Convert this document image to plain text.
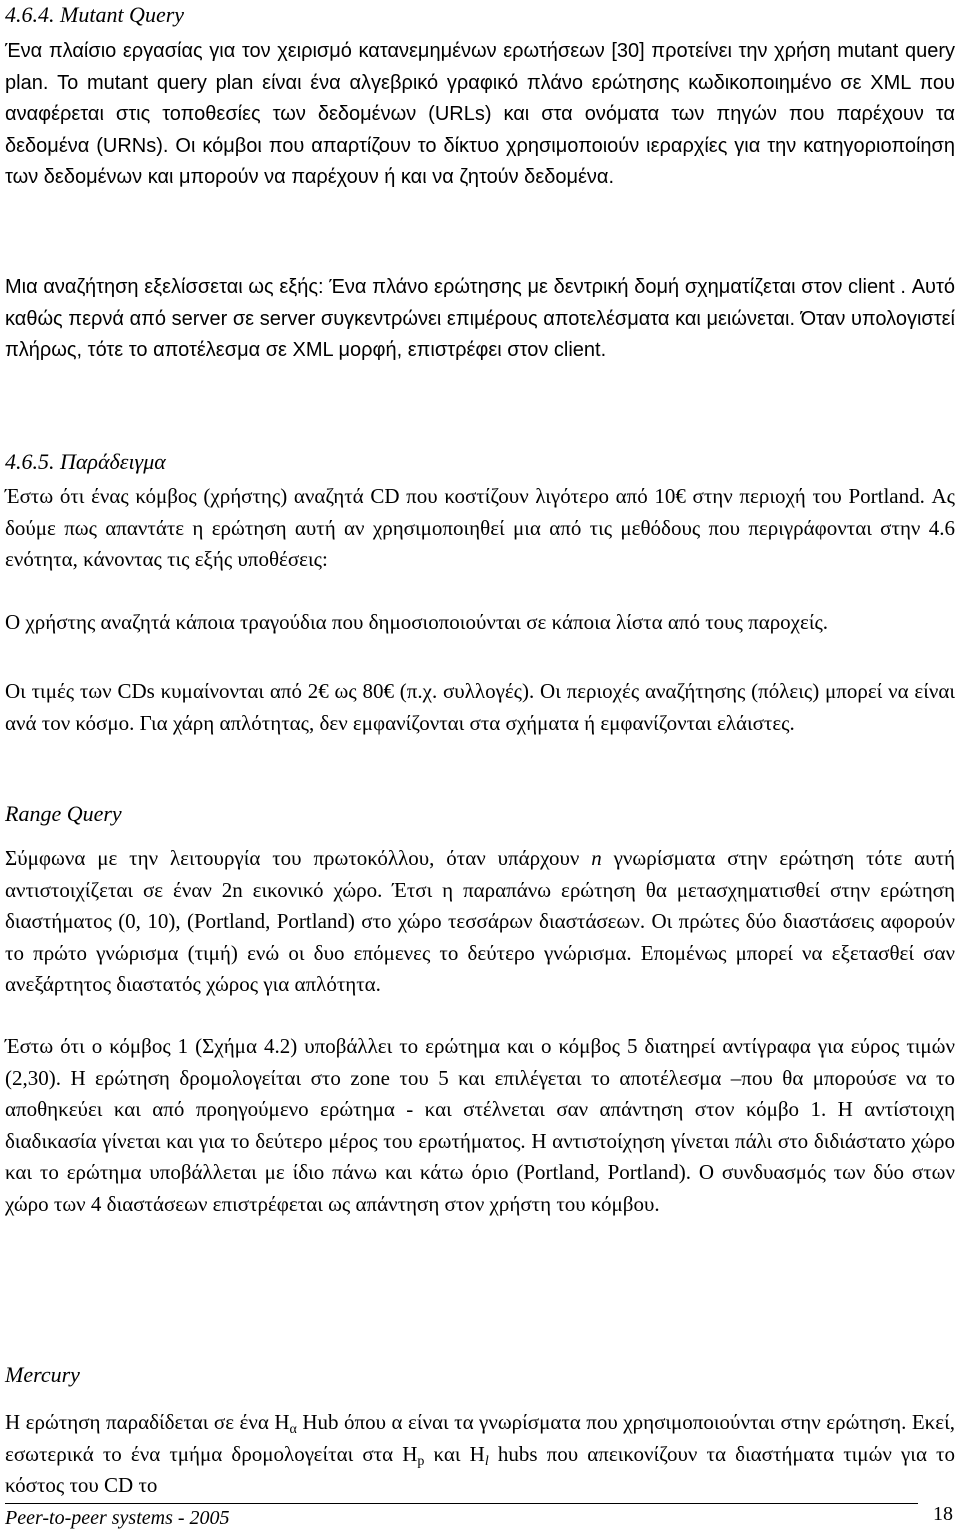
4.6.4. Mutant Query

Ένα πλαίσιο εργασίας για τον χειρισμό κατανεμημένων ερωτήσεων [30] προτείνει την χρήση mutant query plan. Το mutant query plan είναι ένα αλγεβρικό γραφικό πλάνο ερώτησης κωδικοποιημένο σε XML που αναφέρεται στις τοποθεσίες των δεδομένων (URLs) και στα ονόματα των πηγών που παρέχουν τα δεδομένα (URNs). Οι κόμβοι που απαρτίζουν το δίκτυο χρησιμοποιούν ιεραρχίες για την κατηγοριοποίηση των δεδομένων και μπορούν να παρέχουν ή και να ζητούν δεδομένα.

Μια αναζήτηση εξελίσσεται ως εξής: Ένα πλάνο ερώτησης με δεντρική δομή σχηματίζεται στον client . Αυτό καθώς περνά από server σε server συγκεντρώνει επιμέρους αποτελέσματα και μειώνεται. Όταν υπολογιστεί πλήρως, τότε το αποτέλεσμα σε XML μορφή, επιστρέφει στον client.

4.6.5. Παράδειγμα

Έστω ότι ένας κόμβος (χρήστης) αναζητά CD που κοστίζουν λιγότερο από 10€ στην περιοχή του Portland. Ας δούμε πως απαντάτε η ερώτηση αυτή αν χρησιμοποιηθεί μια από τις μεθόδους που περιγράφονται στην 4.6 ενότητα, κάνοντας τις εξής υποθέσεις:

Ο χρήστης αναζητά κάποια τραγούδια που δημοσιοποιούνται σε κάποια λίστα από τους παροχείς.

Οι τιμές των CDs κυμαίνονται από 2€ ως 80€ (π.χ. συλλογές). Οι περιοχές αναζήτησης (πόλεις) μπορεί να είναι ανά τον κόσμο. Για χάρη απλότητας, δεν εμφανίζονται στα σχήματα ή εμφανίζονται ελάιστες.

Range Query

Σύμφωνα με την λειτουργία του πρωτοκόλλου, όταν υπάρχουν n γνωρίσματα στην ερώτηση τότε αυτή αντιστοιχίζεται σε έναν 2n εικονικό χώρο. Έτσι η παραπάνω ερώτηση θα μετασχηματισθεί στην ερώτηση διαστήματος (0, 10), (Portland, Portland) στο χώρο τεσσάρων διαστάσεων. Οι πρώτες δύο διαστάσεις αφορούν το πρώτο γνώρισμα (τιμή) ενώ οι δυο επόμενες το δεύτερο γνώρισμα. Επομένως μπορεί να εξετασθεί σαν ανεξάρτητος διαστατός χώρος για απλότητα.

Έστω ότι ο κόμβος 1 (Σχήμα 4.2) υποβάλλει το ερώτημα και ο κόμβος 5 διατηρεί αντίγραφα για εύρος τιμών (2,30). Η ερώτηση δρομολογείται στο zone του 5 και επιλέγεται το αποτέλεσμα –που θα μπορούσε να το αποθηκεύει και από προηγούμενο ερώτημα - και στέλνεται σαν απάντηση στον κόμβο 1. Η αντίστοιχη διαδικασία γίνεται και για το δεύτερο μέρος του ερωτήματος. Η αντιστοίχηση γίνεται πάλι στο διδιάστατο χώρο και το ερώτημα υποβάλλεται με ίδιο πάνω και κάτω όριο (Portland, Portland). Ο συνδυασμός των δύο στων χώρο των 4 διαστάσεων επιστρέφεται ως απάντηση στον χρήστη του κόμβου.

Mercury

Η ερώτηση παραδίδεται σε ένα $H_\alpha$ Hub όπου α είναι τα γνωρίσματα που χρησιμοποιούνται στην ερώτηση. Εκεί, εσωτερικά το ένα τμήμα δρομολογείται στα $H_p$ και $H_l$ hubs που απεικονίζουν τα διαστήματα τιμών για το κόστος του CD το

Peer-to-peer systems - 2005	18
